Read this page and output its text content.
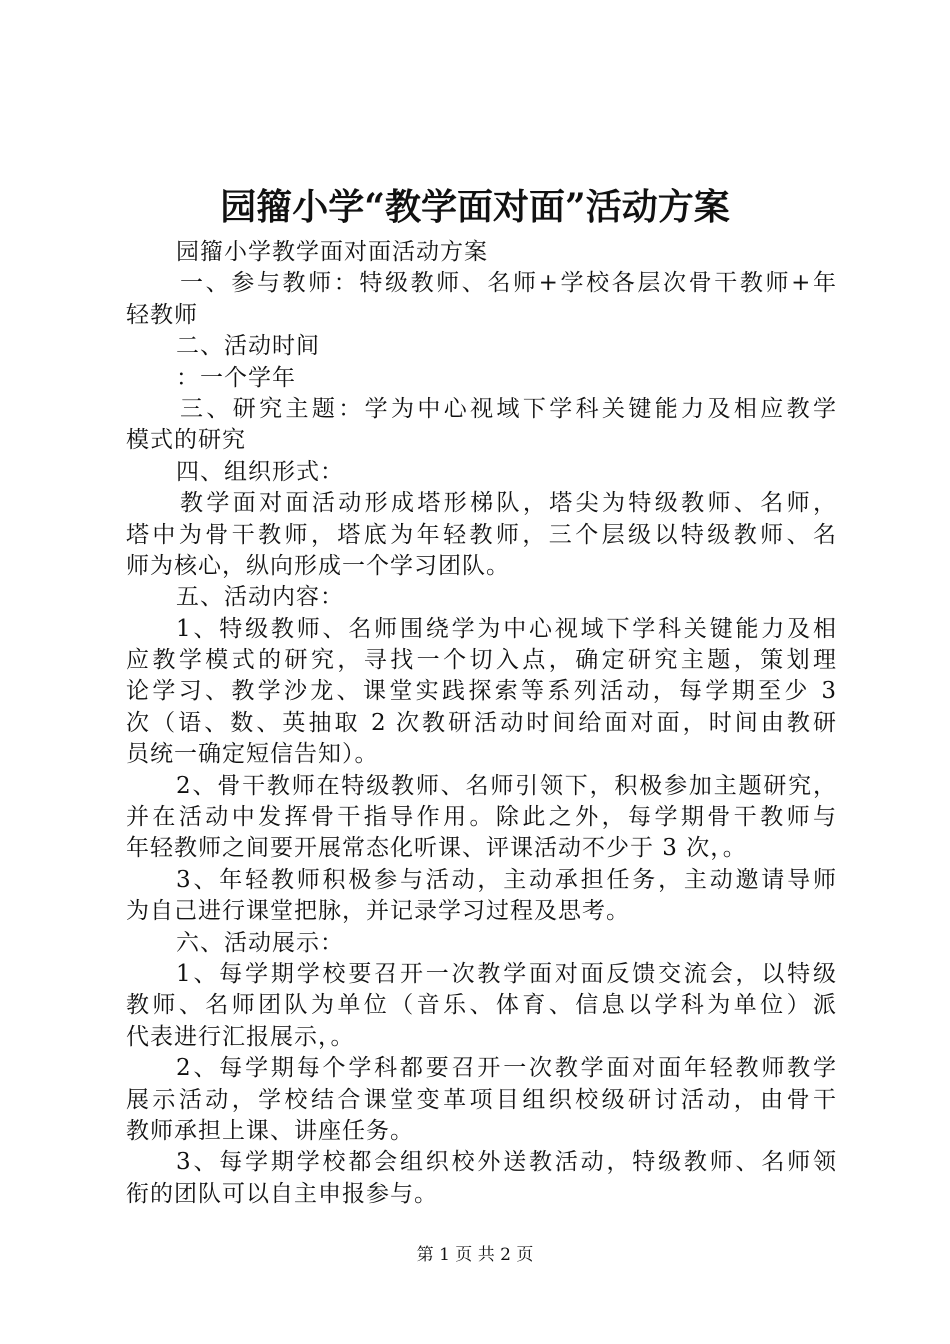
园籀小学“教学面对面”活动方案
园籀小学教学面对面活动方案
一、参与教师：特级教师、名师+学校各层次骨干教师+年
轻教师
二、活动时间
：一个学年
三、研究主题：学为中心视域下学科关键能力及相应教学
模式的研究
四、组织形式：
教学面对面活动形成塔形梯队，塔尖为特级教师、名师，
塔中为骨干教师，塔底为年轻教师，三个层级以特级教师、名
师为核心，纵向形成一个学习团队。
五、活动内容：
1、特级教师、名师围绕学为中心视域下学科关键能力及相
应教学模式的研究，寻找一个切入点，确定研究主题，策划理
论学习、教学沙龙、课堂实践探索等系列活动，每学期至少 3
次（语、数、英抽取 2 次教研活动时间给面对面，时间由教研
员统一确定短信告知）。
2、骨干教师在特级教师、名师引领下，积极参加主题研究，
并在活动中发挥骨干指导作用。除此之外，每学期骨干教师与
年轻教师之间要开展常态化听课、评课活动不少于 3 次，。
3、年轻教师积极参与活动，主动承担任务，主动邀请导师
为自己进行课堂把脉，并记录学习过程及思考。
六、活动展示：
1、每学期学校要召开一次教学面对面反馈交流会，以特级
教师、名师团队为单位（音乐、体育、信息以学科为单位）派
代表进行汇报展示，。
2、每学期每个学科都要召开一次教学面对面年轻教师教学
展示活动，学校结合课堂变革项目组织校级研讨活动，由骨干
教师承担上课、讲座任务。
3、每学期学校都会组织校外送教活动，特级教师、名师领
衔的团队可以自主申报参与。
第 1 页 共 2 页
